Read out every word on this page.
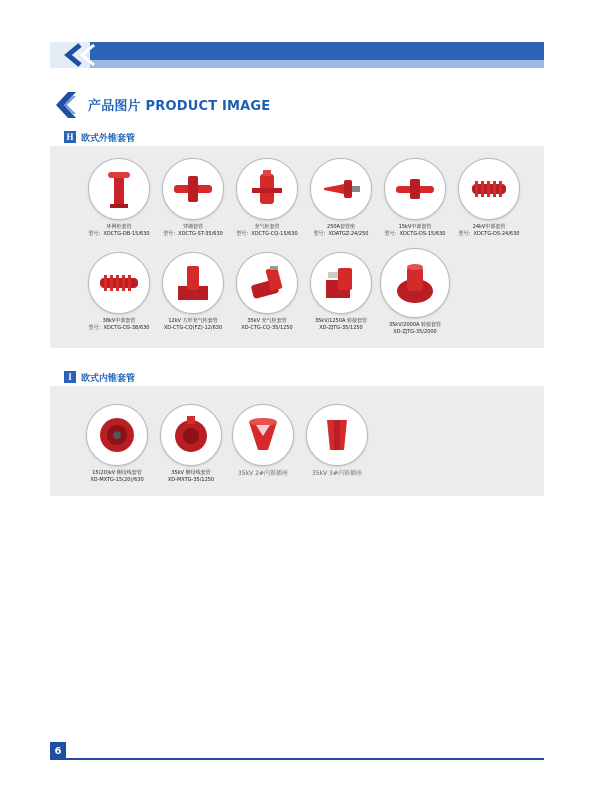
产品图片 PRODUCT IMAGE
H 欧式外锥套管
环网柜套管
型号：XDCTG-DB-15/630
穿墙套管
型号：XDCTG-ST-35/630
充气柜套管
型号：XDCTG-CQ-15/630
250A套管座
型号：XDATGZ-24/250
15kV中部套管
型号：XDCTG-DS-15/630
24kV中部套管
型号：XDCTG-DS-24/630
38kV中部套管
型号：XDCTG-DS-38/630
12kV 方形充气柜套管
XD-CTG-CQ(FZ)-12/630
35kV 充气柜套管
XD-CTG-CQ-35/1250
35kV/1250A 转接套管
XD-ZJTG-35/1250	35kV/2000A 转接套管
XD-ZJTG-35/2000
I	欧式内锥套管
15(20)kV 侧母线套管
XD-MXTG-15(20)/630
35kV 侧母线套管
XD-MXTG-35/1250
35kV 2#内锥插座	35kV 3#内锥插座
6
